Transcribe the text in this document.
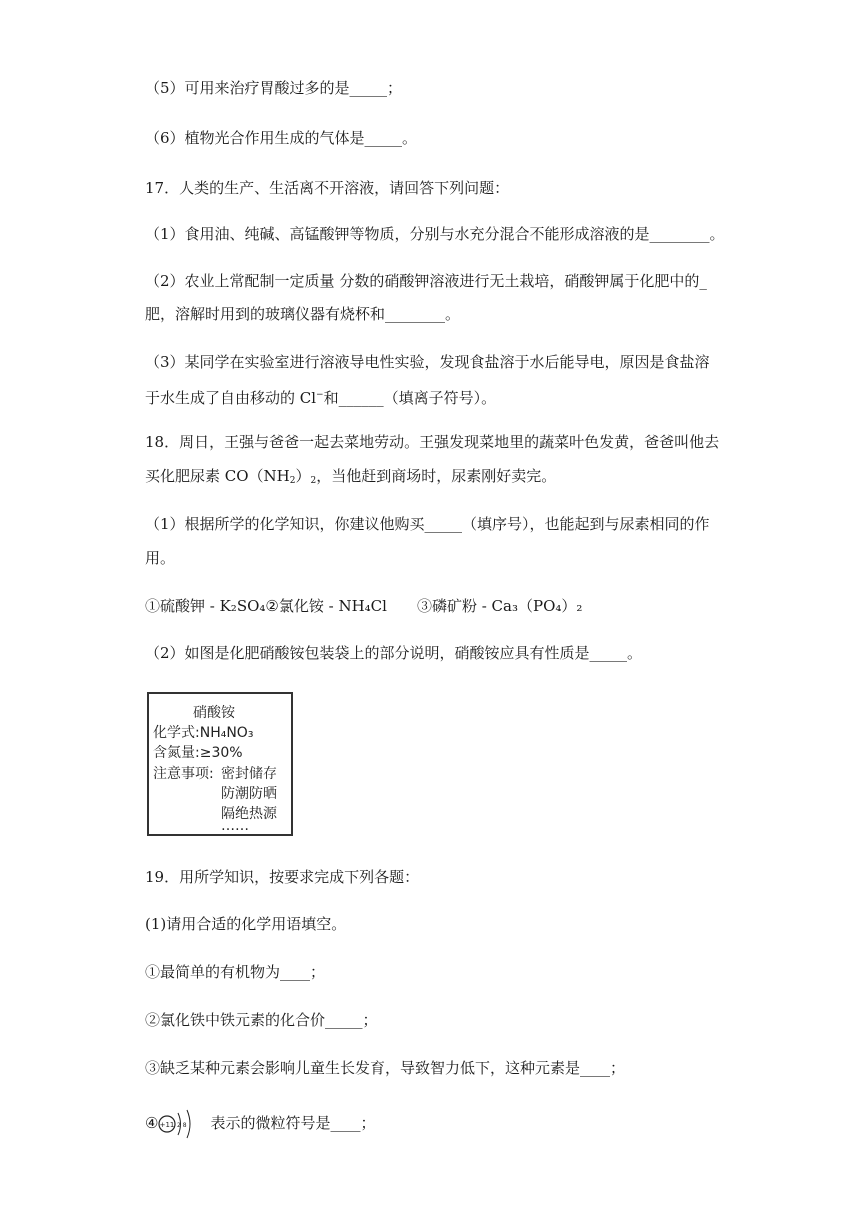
（5）可用来治疗胃酸过多的是_____；
（6）植物光合作用生成的气体是_____。
17．人类的生产、生活离不开溶液，请回答下列问题：
（1）食用油、纯碱、高锰酸钾等物质，分别与水充分混合不能形成溶液的是________。
（2）农业上常配制一定质量 分数的硝酸钾溶液进行无土栽培，硝酸钾属于化肥中的_
肥，溶解时用到的玻璃仪器有烧杯和________。
（3）某同学在实验室进行溶液导电性实验，发现食盐溶于水后能导电，原因是食盐溶
于水生成了自由移动的 Cl−和______（填离子符号）。
18．周日，王强与爸爸一起去菜地劳动。王强发现菜地里的蔬菜叶色发黄，爸爸叫他去
买化肥尿素 $CO(NH_2)_2$，当他赶到商场时，尿素刚好卖完。
（1）根据所学的化学知识，你建议他购买_____（填序号），也能起到与尿素相同的作
用。
①硫酸钾 - K₂SO₄②氯化铵 - NH₄Cl　　③磷矿粉 - Ca₃（PO₄）₂
（2）如图是化肥硝酸铵包装袋上的部分说明，硝酸铵应具有性质是_____。
硝酸铵
化学式:NH₄NO₃
含氮量:≥30%
注意事项: 密封储存
防潮防晒
隔绝热源
……
19．用所学知识，按要求完成下列各题：
(1)请用合适的化学用语填空。
①最简单的有机物为____；
②氯化铁中铁元素的化合价_____；
③缺乏某种元素会影响儿童生长发育，导致智力低下，这种元素是____；
④	表示的微粒符号是____；
+11 2 8
